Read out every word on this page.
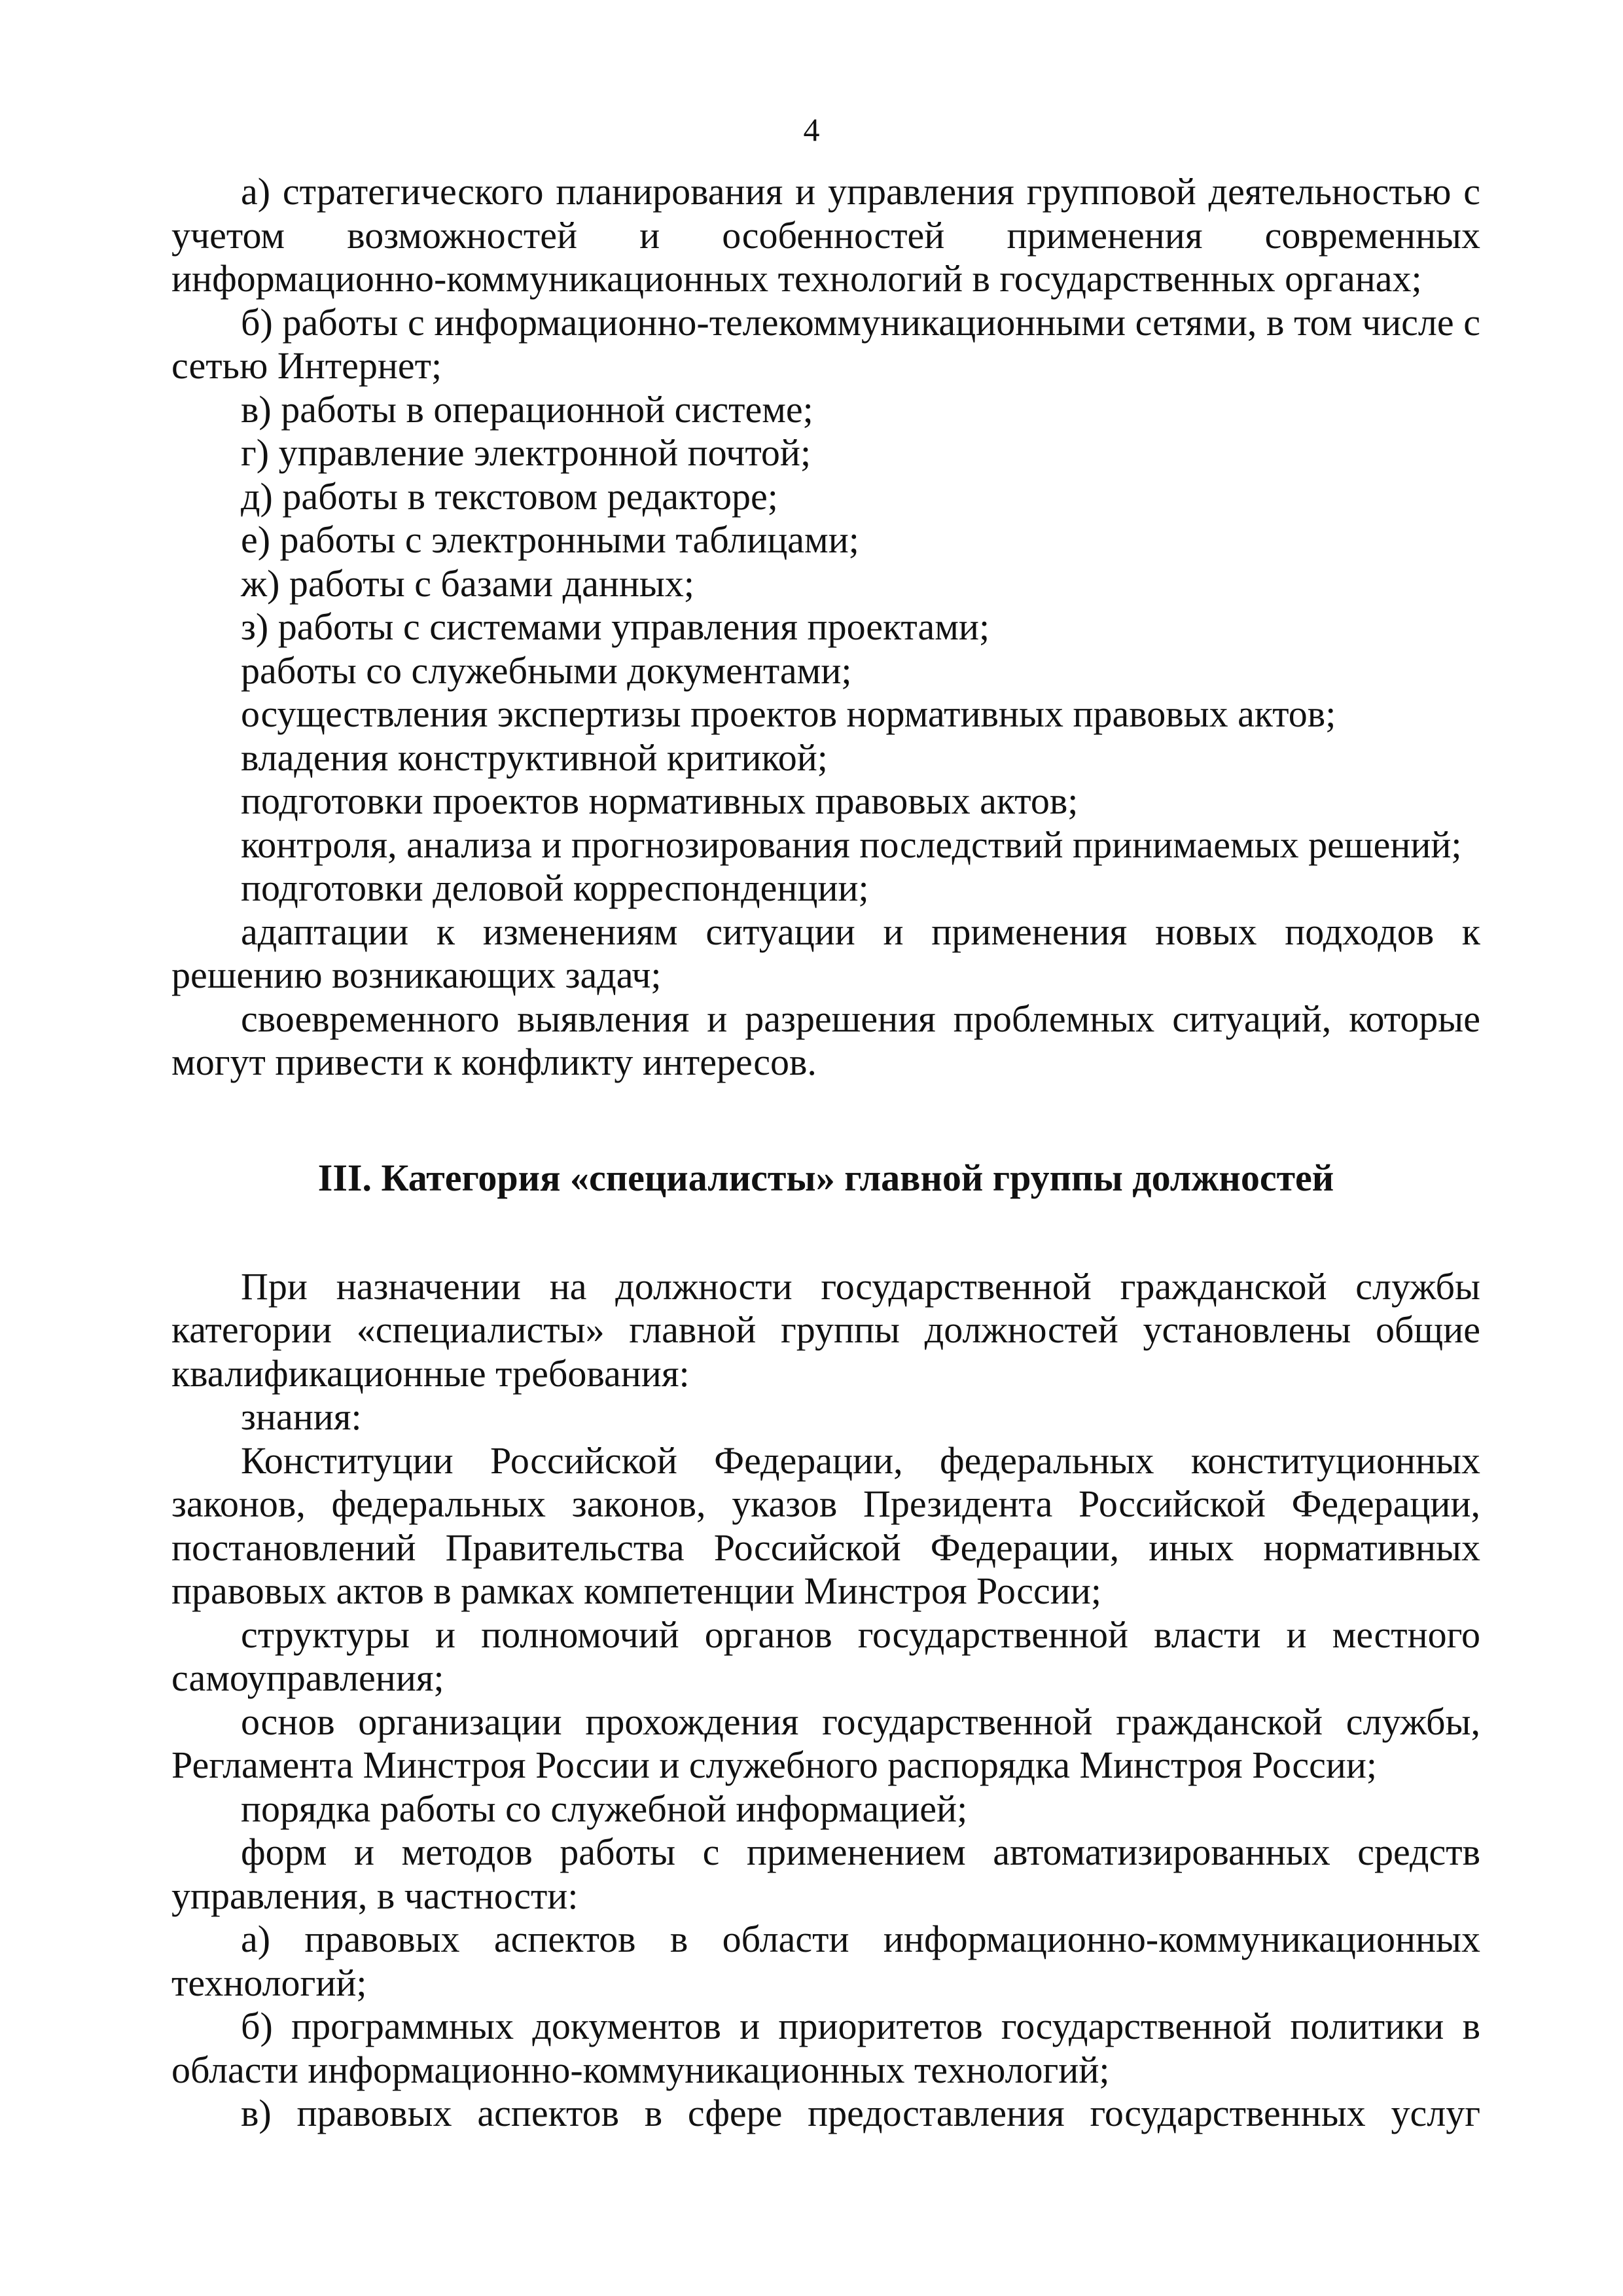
4

а) стратегического планирования и управления групповой деятельностью с учетом возможностей и особенностей применения современных информационно-коммуникационных технологий в государственных органах;

б) работы с информационно-телекоммуникационными сетями, в том числе с сетью Интернет;

в) работы в операционной системе;

г) управление электронной почтой;

д) работы в текстовом редакторе;

е) работы с электронными таблицами;

ж) работы с базами данных;

з) работы с системами управления проектами;

работы со служебными документами;

осуществления экспертизы проектов нормативных правовых актов;

владения конструктивной критикой;

подготовки проектов нормативных правовых актов;

контроля, анализа и прогнозирования последствий принимаемых решений;

подготовки деловой корреспонденции;

адаптации к изменениям ситуации и применения новых подходов к решению возникающих задач;

своевременного выявления и разрешения проблемных ситуаций, которые могут привести к конфликту интересов.

III. Категория «специалисты» главной группы должностей

При назначении на должности государственной гражданской службы категории «специалисты» главной группы должностей установлены общие квалификационные требования:

знания:

Конституции Российской Федерации, федеральных конституционных законов, федеральных законов, указов Президента Российской Федерации, постановлений Правительства Российской Федерации, иных нормативных правовых актов в рамках компетенции Минстроя России;

структуры и полномочий органов государственной власти и местного самоуправления;

основ организации прохождения государственной гражданской службы, Регламента Минстроя России и служебного распорядка Минстроя России;

порядка работы со служебной информацией;

форм и методов работы с применением автоматизированных средств управления, в частности:

а) правовых аспектов в области информационно-коммуникационных технологий;

б) программных документов и приоритетов государственной политики в области информационно-коммуникационных технологий;

в) правовых аспектов в сфере предоставления государственных услуг
